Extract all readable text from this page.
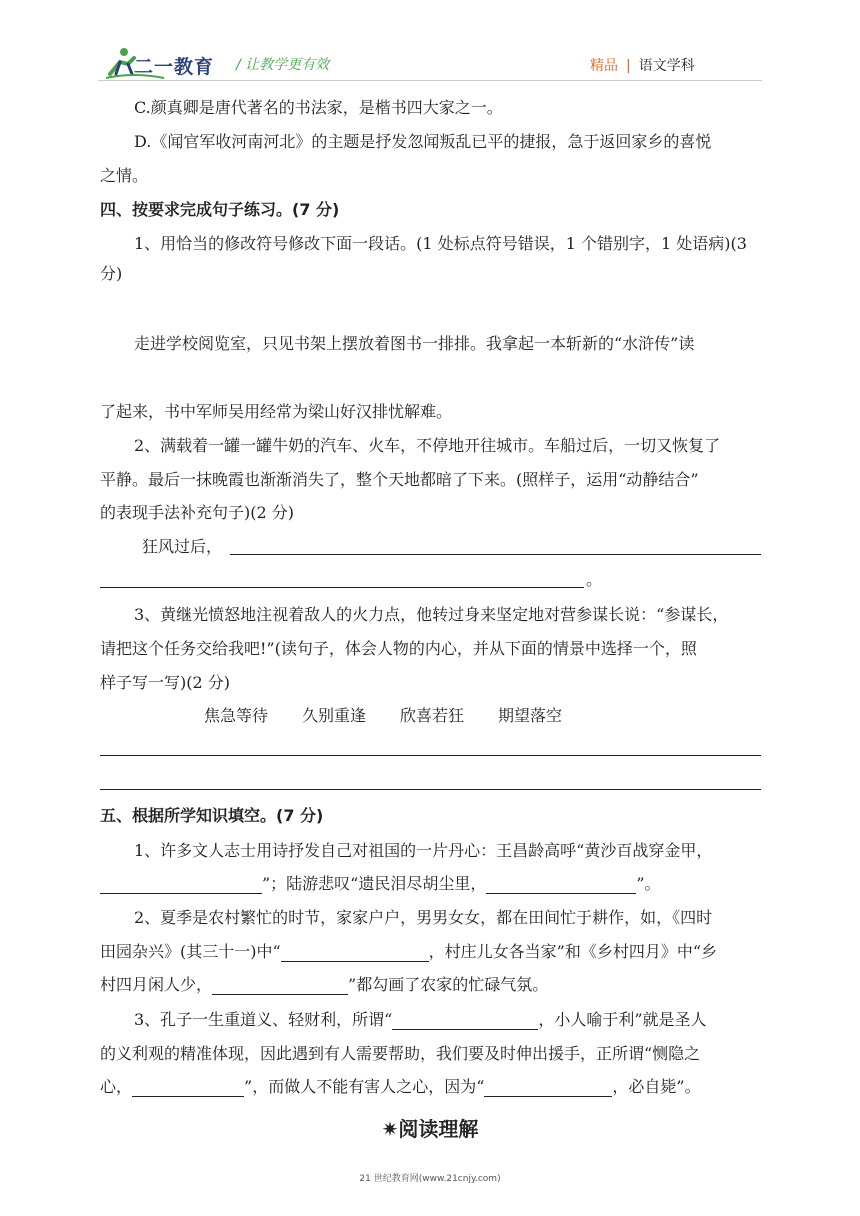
二一教育 / 让教学更有效	精品 | 语文学科
C.颜真卿是唐代著名的书法家，是楷书四大家之一。
D.《闻官军收河南河北》的主题是抒发忽闻叛乱已平的捷报，急于返回家乡的喜悦
之情。
四、按要求完成句子练习。(7 分)
1、用恰当的修改符号修改下面一段话。(1 处标点符号错误，1 个错别字，1 处语病)(3
分)
走进学校阅览室，只见书架上摆放着图书一排排。我拿起一本斩新的“水浒传”读
了起来，书中军师吴用经常为梁山好汉排忧解难。
2、满载着一罐一罐牛奶的汽车、火车，不停地开往城市。车船过后，一切又恢复了
平静。最后一抹晚霞也渐渐消失了，整个天地都暗了下来。(照样子，运用“动静结合”
的表现手法补充句子)(2 分)
狂风过后，
。
3、黄继光愤怒地注视着敌人的火力点，他转过身来坚定地对营参谋长说：“参谋长，
请把这个任务交给我吧!”(读句子，体会人物的内心，并从下面的情景中选择一个，照
样子写一写)(2 分)
焦急等待 久别重逢 欣喜若狂 期望落空
五、根据所学知识填空。(7 分)
1、许多文人志士用诗抒发自己对祖国的一片丹心：王昌龄高呼“黄沙百战穿金甲，
”；陆游悲叹“遗民泪尽胡尘里，	”。
2、夏季是农村繁忙的时节，家家户户，男男女女，都在田间忙于耕作，如，《四时
田园杂兴》(其三十一)中“	，村庄儿女各当家”和《乡村四月》中“乡
村四月闲人少，	”都勾画了农家的忙碌气氛。
3、孔子一生重道义、轻财利，所谓“	，小人喻于利”就是圣人
的义利观的精准体现，因此遇到有人需要帮助，我们要及时伸出援手，正所谓“恻隐之
心，	”，而做人不能有害人之心，因为“	，必自毙”。
✷阅读理解
21 世纪教育网(www.21cnjy.com)
